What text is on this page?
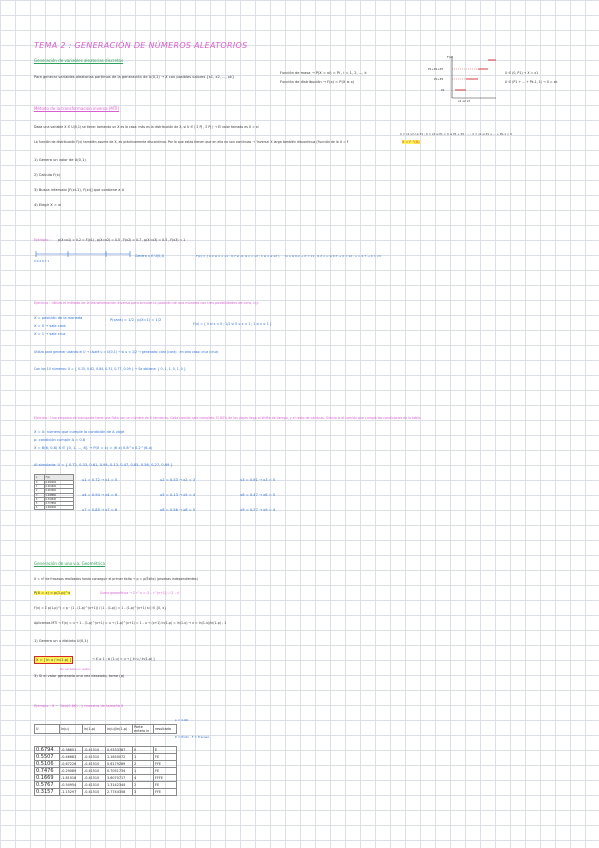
TEMA 2 : GENERACIÓN DE NÚMEROS ALEATORIOS
Generación de variables aleatorias discretas
Para generar variables aleatorias partimos de la generación de U(0,1) → X con posibles valores {x1, x2, ..., xk}
Función de masa → P(X = xi) = Pi , i = 1, 2, ..., k
Función de distribución → F(x) = P(X ≤ x)
F(x)
P1+P2+P3
P1+P2
P1
x1 x2 x3
U ∈ (0, P1) → X = x1
U ∈ (P1 + ... + Pk-1, 1) → X = xk
Método de la transformación inversa (MTI)
Dada una variable X ∈ U(0,1) se tiene: tomando un X es la casa: más es la distribución de X, si U ∈ ( Σ Pj , Σ Pj ) → El valor tomado es X = xi
X = x1 si U ≤ P1 ; X = x2 si P1 < U ≤ P1 + P2 ; ... ; X = xk si P1 + ... + Pk-1 < U
La función de distribución F(x) también asume de X, es prácticamente discontinua. Por lo que estas tienen que en ella no son continuas → 'Inversa' X larga también discontinua (Función de la U = F	X = F⁻¹(U)
1) Genera un valor de U(0,1)
2) Calcula F(x)
3) Busca intervalo [F(xi-1), F(xi)] que contiene a U
4) Elegir X = xi
Ejemplo : p(X=x1) = 0.2 = F(x1) , p(X=x2) = 0.5 , F(x2) = 0.7 , p(X=x3) = 0.3 , F(x3) = 1
0 0.2 0.7 1
Genera u ∈ U(0,1)	F(x) = { 0.2 si x < x1 ; 0.7 si x1 ≤ x < x2 ; 1 si x ≥ x2 } Si u ≤ 0.2 → X = x1 ; 0.2 < u ≤ 0.7 → X = x2 ; u > 0.7 → X = x3
Ejercicio : Utiliza el método de la transformación inversa para simular la posición de una moneda con tres posibilidades de cara, c/y.
X = posición de la moneda	P(cara) = 1/2 ; p(X=1) = 1/2
X = 0 → sale cara
X = 1 → sale cruz
F(x) = { 0 si x < 0 ; 1/2 si 0 ≤ x < 1 ; 1 si x ≥ 1 }
Utiliza para generar usando el U → Usaré u = U(0,1) → si u < 1/2 → generada: cara (cara) ; en otro caso: cruz (cruz)
Con los 10 números: U = { 0.15, 0.62, 0.84, 0.31, 0.77, 0.09 } → Se obtiene: { 0, 1, 1, 0, 1, 0 }
Ejercicio : Una empresa de transporte tiene una flota con un número de 6 camiones. Cada camión sale completo. El 80% de los viajes llega al límite de tiempo, y el resto de caminos. Simula si el camión que cumple las condiciones de la tabla.
X = X: número que cumple la condición de A viaje
p: condición cumplir A = 0.8
X = B(6, 0.8) X ∈ {0, 1, ..., 6} → P(X = x) = (6 x) 0.8^x 0.2^(6-x)
Al simularla: U = { 0.72, 0.33, 0.61, 0.94, 0.13, 0.47, 0.85, 0.56, 0.27, 0.69 }
x	F(x)
0	0.000064
1	0.001600
2	0.016960
3	0.098880
4	0.344640
5	0.737856
6	1.000000
u1 = 0.72 → x1 = 5	u2 = 0.33 → x2 = 3	u3 = 0.61 → x3 = 5
u4 = 0.94 → x4 = 6	u5 = 0.13 → x5 = 4	u6 = 0.47 → x6 = 5
u7 = 0.85 → x7 = 6	u8 = 0.56 → x8 = 5	u9 = 0.27 → x9 = 4
Generación de una v.a. Geométrica
X = nº de fracasos realizados hasta conseguir el primer éxito → p = p(Éxito) (pruebas independientes)
P(X = x) = p(1-p)^x	Suma geométrica → Σ r^x = (1 - r^(n+1)) / (1 - r)
F(x) = Σ p(1-p)^j = p · (1 - (1-p)^(x+1)) / (1 - (1-p)) = 1 - (1-p)^(x+1) si j ∈ {0, x}
Aplicamos MTI → F(x) = u → 1 - (1-p)^(x+1) = u → (1-p)^(x+1) = 1 - u → (x+1) ln(1-p) = ln(1-u) → x = ln(1-u)/ln(1-p) - 1
1) Genera un u distinto U(0,1)
X = [ ln u / ln(1-p) ]	→ X ≥ 1 ; si (1-u) ≈ u → [ ln u / ln(1-p) ]
No necesita un restar
3) Si el valor generado una vez deseado, tome (p)
Ejemplo : X ~ Geo(0.66) , y muestra de tamaño 6
p = 0.66
E = Éxito , F = Fracaso
U	ln(u)	ln(1-p)	ln(u)/ln(1-p)	Parte entera ln	resultado
0.6794	-0.38651	-0.41510	0.9333387	0	E
0.5507	-0.46683	-0.41510	1.1650072	1	FE
0.5106	-0.67226	-0.41510	0.6179289	2	FFE
0.7476	-0.29089	-0.41510	0.7051734	1	FE
0.1669	-1.81016	-0.41510	3.6070717	4	FFFE
0.5767	-0.54954	-0.41510	1.3142344	2	FE
0.3157	-1.15297	-0.41510	2.7744358	3	FFE
